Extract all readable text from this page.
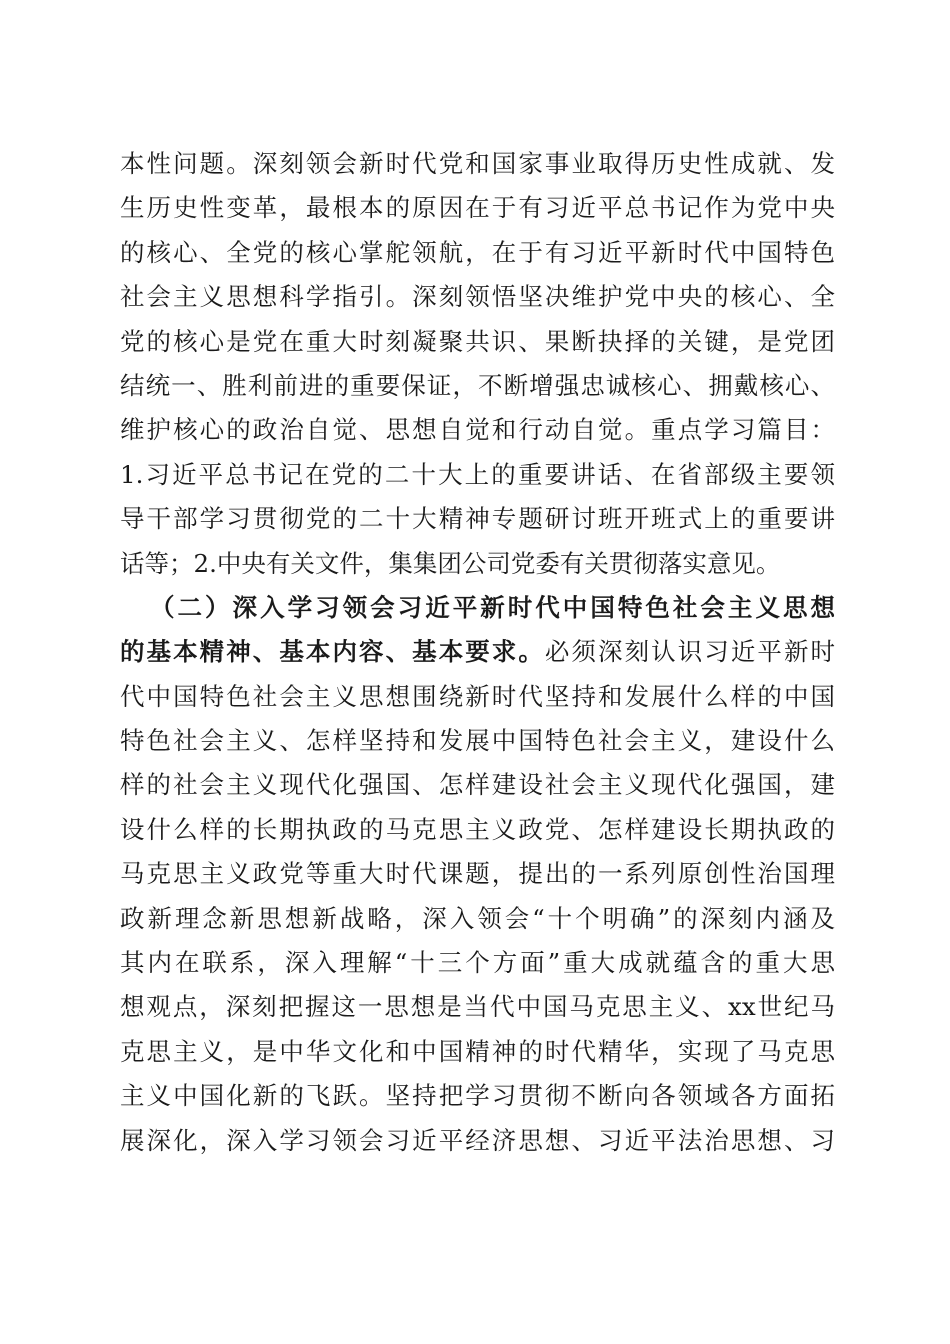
本性问题。深刻领会新时代党和国家事业取得历史性成就、发
生历史性变革，最根本的原因在于有习近平总书记作为党中央
的核心、全党的核心掌舵领航，在于有习近平新时代中国特色
社会主义思想科学指引。深刻领悟坚决维护党中央的核心、全
党的核心是党在重大时刻凝聚共识、果断抉择的关键，是党团
结统一、胜利前进的重要保证，不断增强忠诚核心、拥戴核心、
维护核心的政治自觉、思想自觉和行动自觉。重点学习篇目：
1.习近平总书记在党的二十大上的重要讲话、在省部级主要领
导干部学习贯彻党的二十大精神专题研讨班开班式上的重要讲
话等；2.中央有关文件，集集团公司党委有关贯彻落实意见。
（二）深入学习领会习近平新时代中国特色社会主义思想
的基本精神、基本内容、基本要求。必须深刻认识习近平新时
代中国特色社会主义思想围绕新时代坚持和发展什么样的中国
特色社会主义、怎样坚持和发展中国特色社会主义，建设什么
样的社会主义现代化强国、怎样建设社会主义现代化强国，建
设什么样的长期执政的马克思主义政党、怎样建设长期执政的
马克思主义政党等重大时代课题，提出的一系列原创性治国理
政新理念新思想新战略，深入领会“十个明确”的深刻内涵及
其内在联系，深入理解“十三个方面”重大成就蕴含的重大思
想观点，深刻把握这一思想是当代中国马克思主义、xx世纪马
克思主义，是中华文化和中国精神的时代精华，实现了马克思
主义中国化新的飞跃。坚持把学习贯彻不断向各领域各方面拓
展深化，深入学习领会习近平经济思想、习近平法治思想、习
